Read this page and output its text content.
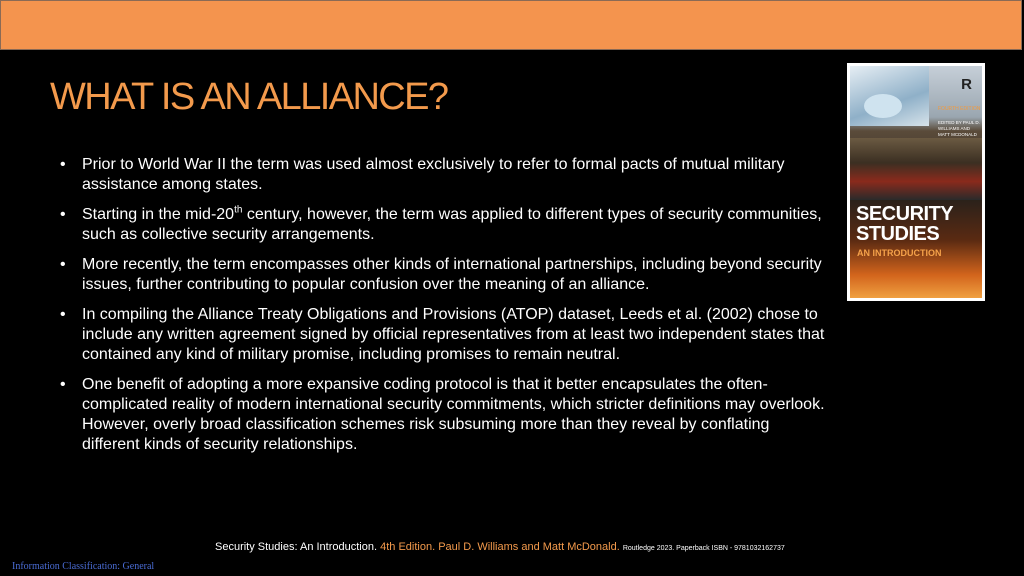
WHAT IS AN ALLIANCE?
• Prior to World War II the term was used almost exclusively to refer to formal pacts of mutual military assistance among states.
• Starting in the mid-20th century, however, the term was applied to different types of security communities, such as collective security arrangements.
• More recently, the term encompasses other kinds of international partnerships, including beyond security issues, further contributing to popular confusion over the meaning of an alliance.
• In compiling the Alliance Treaty Obligations and Provisions (ATOP) dataset, Leeds et al. (2002) chose to include any written agreement signed by official representatives from at least two independent states that contained any kind of military promise, including promises to remain neutral.
• One benefit of adopting a more expansive coding protocol is that it better encapsulates the often-complicated reality of modern international security commitments, which stricter definitions may overlook. However, overly broad classification schemes risk subsuming more than they reveal by conflating different kinds of security relationships.
R
FOURTH EDITION
EDITED BY PAUL D. WILLIAMS AND MATT MCDONALD
SECURITY
STUDIES
AN INTRODUCTION
Security Studies: An Introduction. 4th Edition. Paul D. Williams and Matt McDonald. Routledge 2023. Paperback ISBN - 9781032162737
Information Classification: General
